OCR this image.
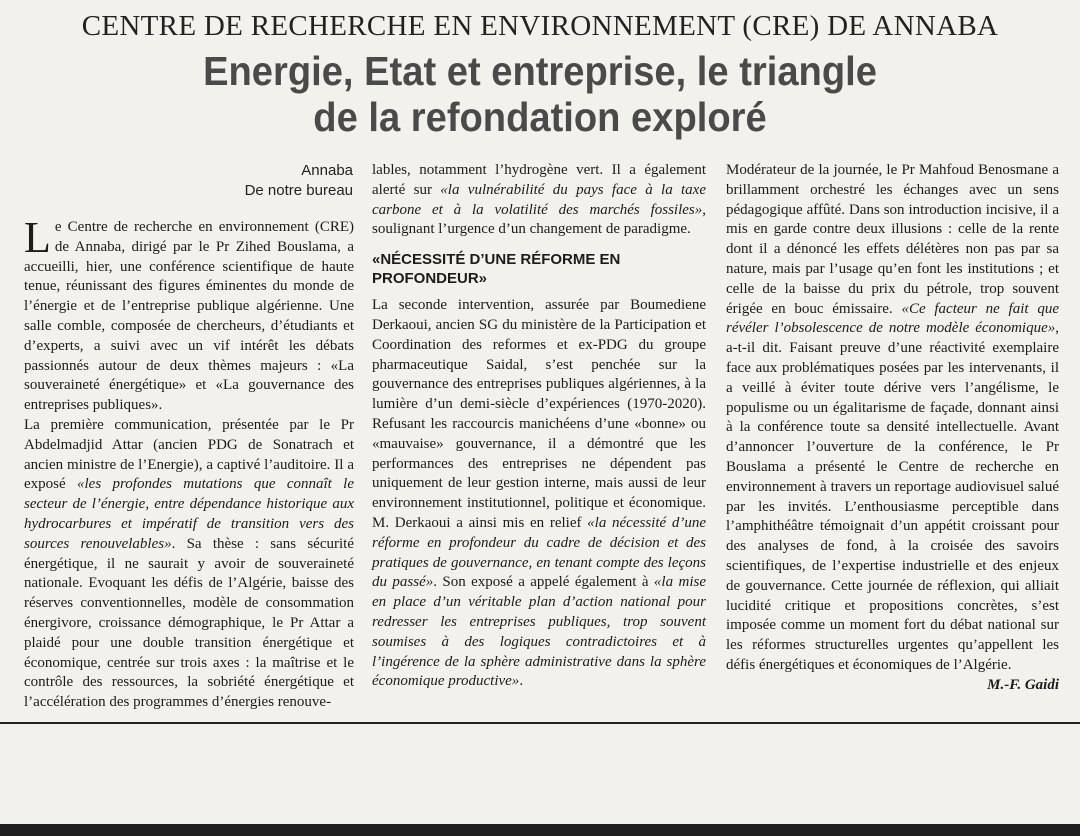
CENTRE DE RECHERCHE EN ENVIRONNEMENT (CRE) DE ANNABA
Energie, Etat et entreprise, le triangle
de la refondation exploré
Annaba
De notre bureau

Le Centre de recherche en environnement (CRE) de Annaba, dirigé par le Pr Zihed Bouslama, a accueilli, hier, une conférence scientifique de haute tenue, réunissant des figures éminentes du monde de l’énergie et de l’entreprise publique algérienne. Une salle comble, composée de chercheurs, d’étudiants et d’experts, a suivi avec un vif intérêt les débats passionnés autour de deux thèmes majeurs : «La souveraineté énergétique» et «La gouvernance des entreprises publiques».

La première communication, présentée par le Pr Abdelmadjid Attar (ancien PDG de Sonatrach et ancien ministre de l’Energie), a captivé l’auditoire. Il a exposé «les profondes mutations que connaît le secteur de l’énergie, entre dépendance historique aux hydrocarbures et impératif de transition vers des sources renouvelables». Sa thèse : sans sécurité énergétique, il ne saurait y avoir de souveraineté nationale. Evoquant les défis de l’Algérie, baisse des réserves conventionnelles, modèle de consommation énergivore, croissance démographique, le Pr Attar a plaidé pour une double transition énergétique et économique, centrée sur trois axes : la maîtrise et le contrôle des ressources, la sobriété énergétique et l’accélération des programmes d’énergies renouve-

lables, notamment l’hydrogène vert. Il a également alerté sur «la vulnérabilité du pays face à la taxe carbone et à la volatilité des marchés fossiles», soulignant l’urgence d’un changement de paradigme.

«NÉCESSITÉ D’UNE RÉFORME EN PROFONDEUR»

La seconde intervention, assurée par Boumediene Derkaoui, ancien SG du ministère de la Participation et Coordination des reformes et ex-PDG du groupe pharmaceutique Saidal, s’est penchée sur la gouvernance des entreprises publiques algériennes, à la lumière d’un demi-siècle d’expériences (1970-2020). Refusant les raccourcis manichéens d’une «bonne» ou «mauvaise» gouvernance, il a démontré que les performances des entreprises ne dépendent pas uniquement de leur gestion interne, mais aussi de leur environnement institutionnel, politique et économique. M. Derkaoui a ainsi mis en relief «la nécessité d’une réforme en profondeur du cadre de décision et des pratiques de gouvernance, en tenant compte des leçons du passé». Son exposé a appelé également à «la mise en place d’un véritable plan d’action national pour redresser les entreprises publiques, trop souvent soumises à des logiques contradictoires et à l’ingérence de la sphère administrative dans la sphère économique productive».

Modérateur de la journée, le Pr Mahfoud Benosmane a brillamment orchestré les échanges avec un sens pédagogique affûté. Dans son introduction incisive, il a mis en garde contre deux illusions : celle de la rente dont il a dénoncé les effets délétères non pas par sa nature, mais par l’usage qu’en font les institutions ; et celle de la baisse du prix du pétrole, trop souvent érigée en bouc émissaire. «Ce facteur ne fait que révéler l’obsolescence de notre modèle économique», a-t-il dit. Faisant preuve d’une réactivité exemplaire face aux problématiques posées par les intervenants, il a veillé à éviter toute dérive vers l’angélisme, le populisme ou un égalitarisme de façade, donnant ainsi à la conférence toute sa densité intellectuelle. Avant d’annoncer l’ouverture de la conférence, le Pr Bouslama a présenté le Centre de recherche en environnement à travers un reportage audiovisuel salué par les invités. L’enthousiasme perceptible dans l’amphithéâtre témoignait d’un appétit croissant pour des analyses de fond, à la croisée des savoirs scientifiques, de l’expertise industrielle et des enjeux de gouvernance. Cette journée de réflexion, qui alliait lucidité critique et propositions concrètes, s’est imposée comme un moment fort du débat national sur les réformes structurelles urgentes qu’appellent les défis énergétiques et économiques de l’Algérie.
M.-F. Gaidi
